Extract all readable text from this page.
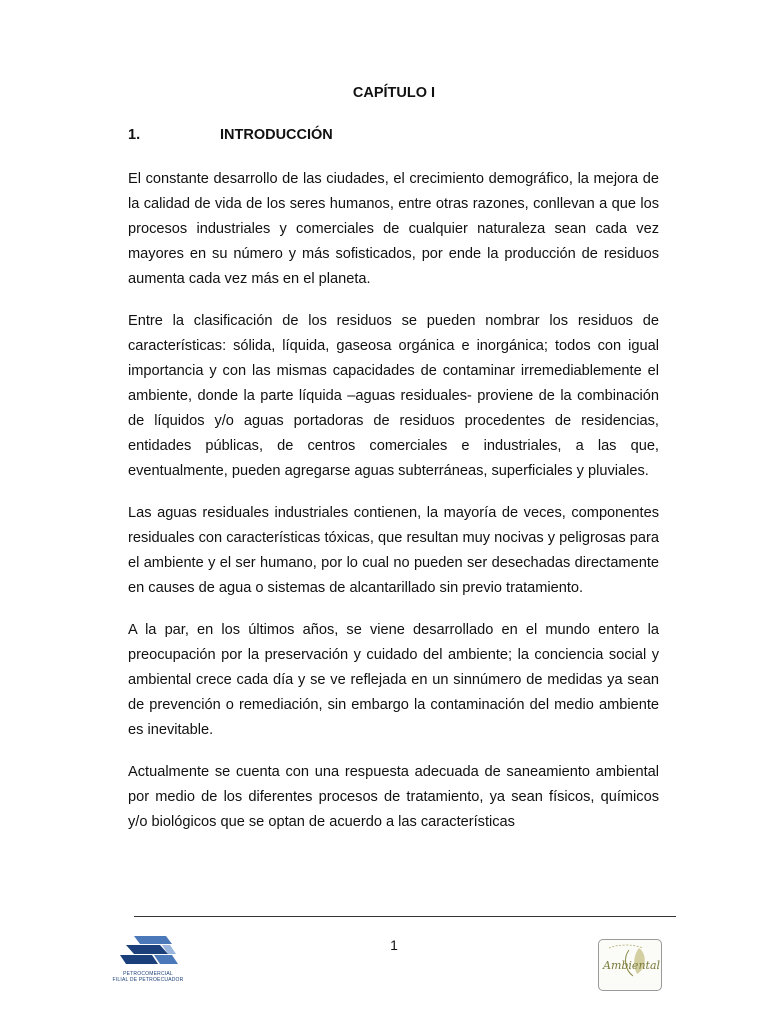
CAPÍTULO I
1.	INTRODUCCIÓN

El constante desarrollo de las ciudades, el crecimiento demográfico, la mejora de la calidad de vida de los seres humanos, entre otras razones, conllevan a que los procesos industriales y comerciales de cualquier naturaleza sean cada vez mayores en su número y más sofisticados, por ende la producción de residuos aumenta cada vez más en el planeta.

Entre la clasificación de los residuos se pueden nombrar los residuos de características: sólida, líquida, gaseosa orgánica e inorgánica; todos con igual importancia y con las mismas capacidades de contaminar irremediablemente el ambiente, donde la parte líquida –aguas residuales- proviene de la combinación de líquidos y/o aguas portadoras de residuos procedentes de residencias, entidades públicas, de centros comerciales e industriales, a las que, eventualmente, pueden agregarse aguas subterráneas, superficiales y pluviales.

Las aguas residuales industriales contienen, la mayoría de veces, componentes residuales con características tóxicas, que resultan muy nocivas y peligrosas para el ambiente y el ser humano, por lo cual no pueden ser desechadas directamente en causes de agua o sistemas de alcantarillado sin previo tratamiento.

A la par, en los últimos años, se viene desarrollado en el mundo entero la preocupación por la preservación y cuidado del ambiente; la conciencia social y ambiental crece cada día y se ve reflejada en un sinnúmero de medidas ya sean de prevención o remediación, sin embargo la contaminación del medio ambiente es inevitable.

Actualmente se cuenta con una respuesta adecuada de saneamiento ambiental por medio de los diferentes procesos de tratamiento, ya sean físicos, químicos y/o biológicos que se optan de acuerdo a las características

PETROCOMERCIAL
FILIAL DE PETROECUADOR
1
Ambiental
